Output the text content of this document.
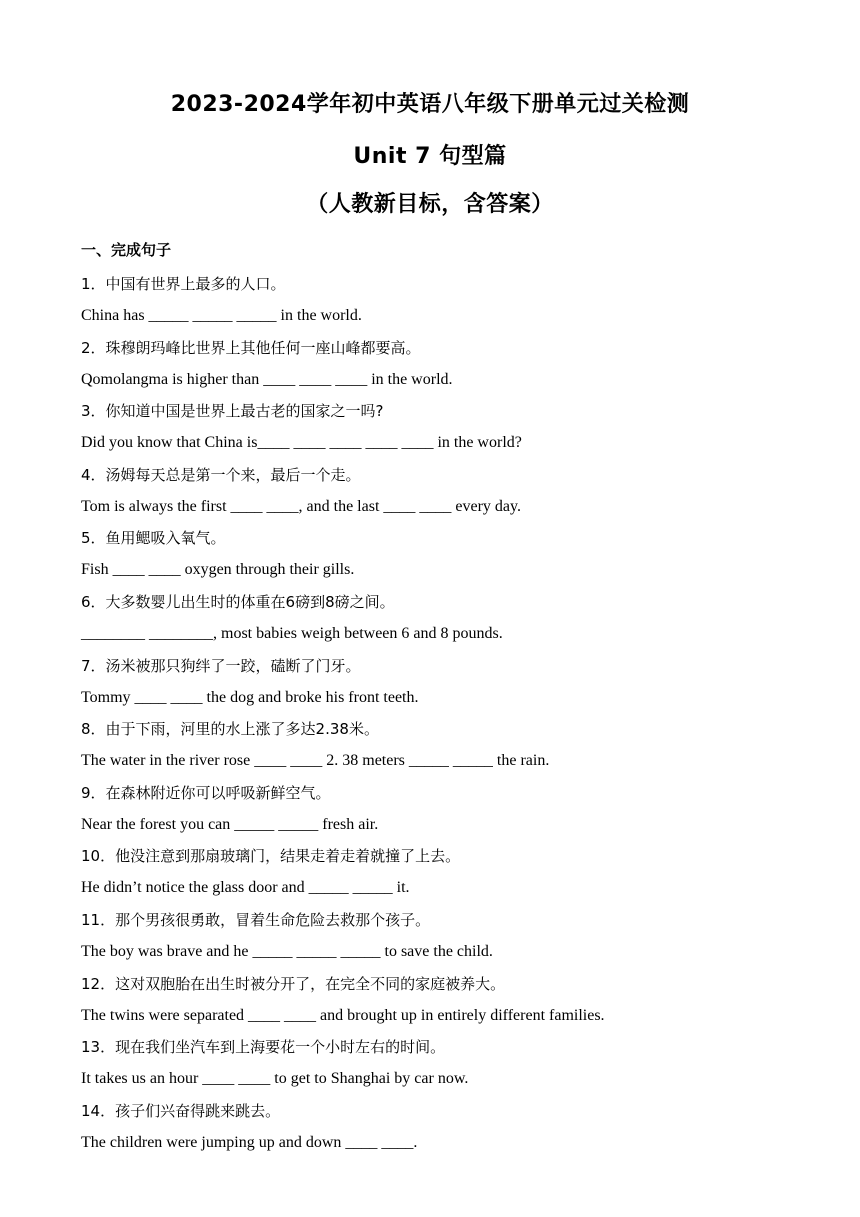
2023-2024学年初中英语八年级下册单元过关检测
Unit 7 句型篇
（人教新目标，含答案）
一、完成句子
1．中国有世界上最多的人口。
China has _____ _____ _____ in the world.
2．珠穆朗玛峰比世界上其他任何一座山峰都要高。
Qomolangma is higher than ____ ____ ____ in the world.
3．你知道中国是世界上最古老的国家之一吗?
Did you know that China is____ ____ ____ ____ ____ in the world?
4．汤姆每天总是第一个来，最后一个走。
Tom is always the first ____ ____, and the last ____ ____ every day.
5．鱼用鳃吸入氧气。
Fish ____ ____ oxygen through their gills.
6．大多数婴儿出生时的体重在6磅到8磅之间。
________ ________, most babies weigh between 6 and 8 pounds.
7．汤米被那只狗绊了一跤，磕断了门牙。
Tommy ____ ____ the dog and broke his front teeth.
8．由于下雨，河里的水上涨了多达2.38米。
The water in the river rose ____ ____ 2. 38 meters _____ _____ the rain.
9．在森林附近你可以呼吸新鲜空气。
Near the forest you can _____ _____ fresh air.
10．他没注意到那扇玻璃门，结果走着走着就撞了上去。
He didn’t notice the glass door and _____ _____ it.
11．那个男孩很勇敢，冒着生命危险去救那个孩子。
The boy was brave and he _____ _____ _____ to save the child.
12．这对双胞胎在出生时被分开了，在完全不同的家庭被养大。
The twins were separated ____ ____ and brought up in entirely different families.
13．现在我们坐汽车到上海要花一个小时左右的时间。
It takes us an hour ____ ____ to get to Shanghai by car now.
14．孩子们兴奋得跳来跳去。
The children were jumping up and down ____ ____.
